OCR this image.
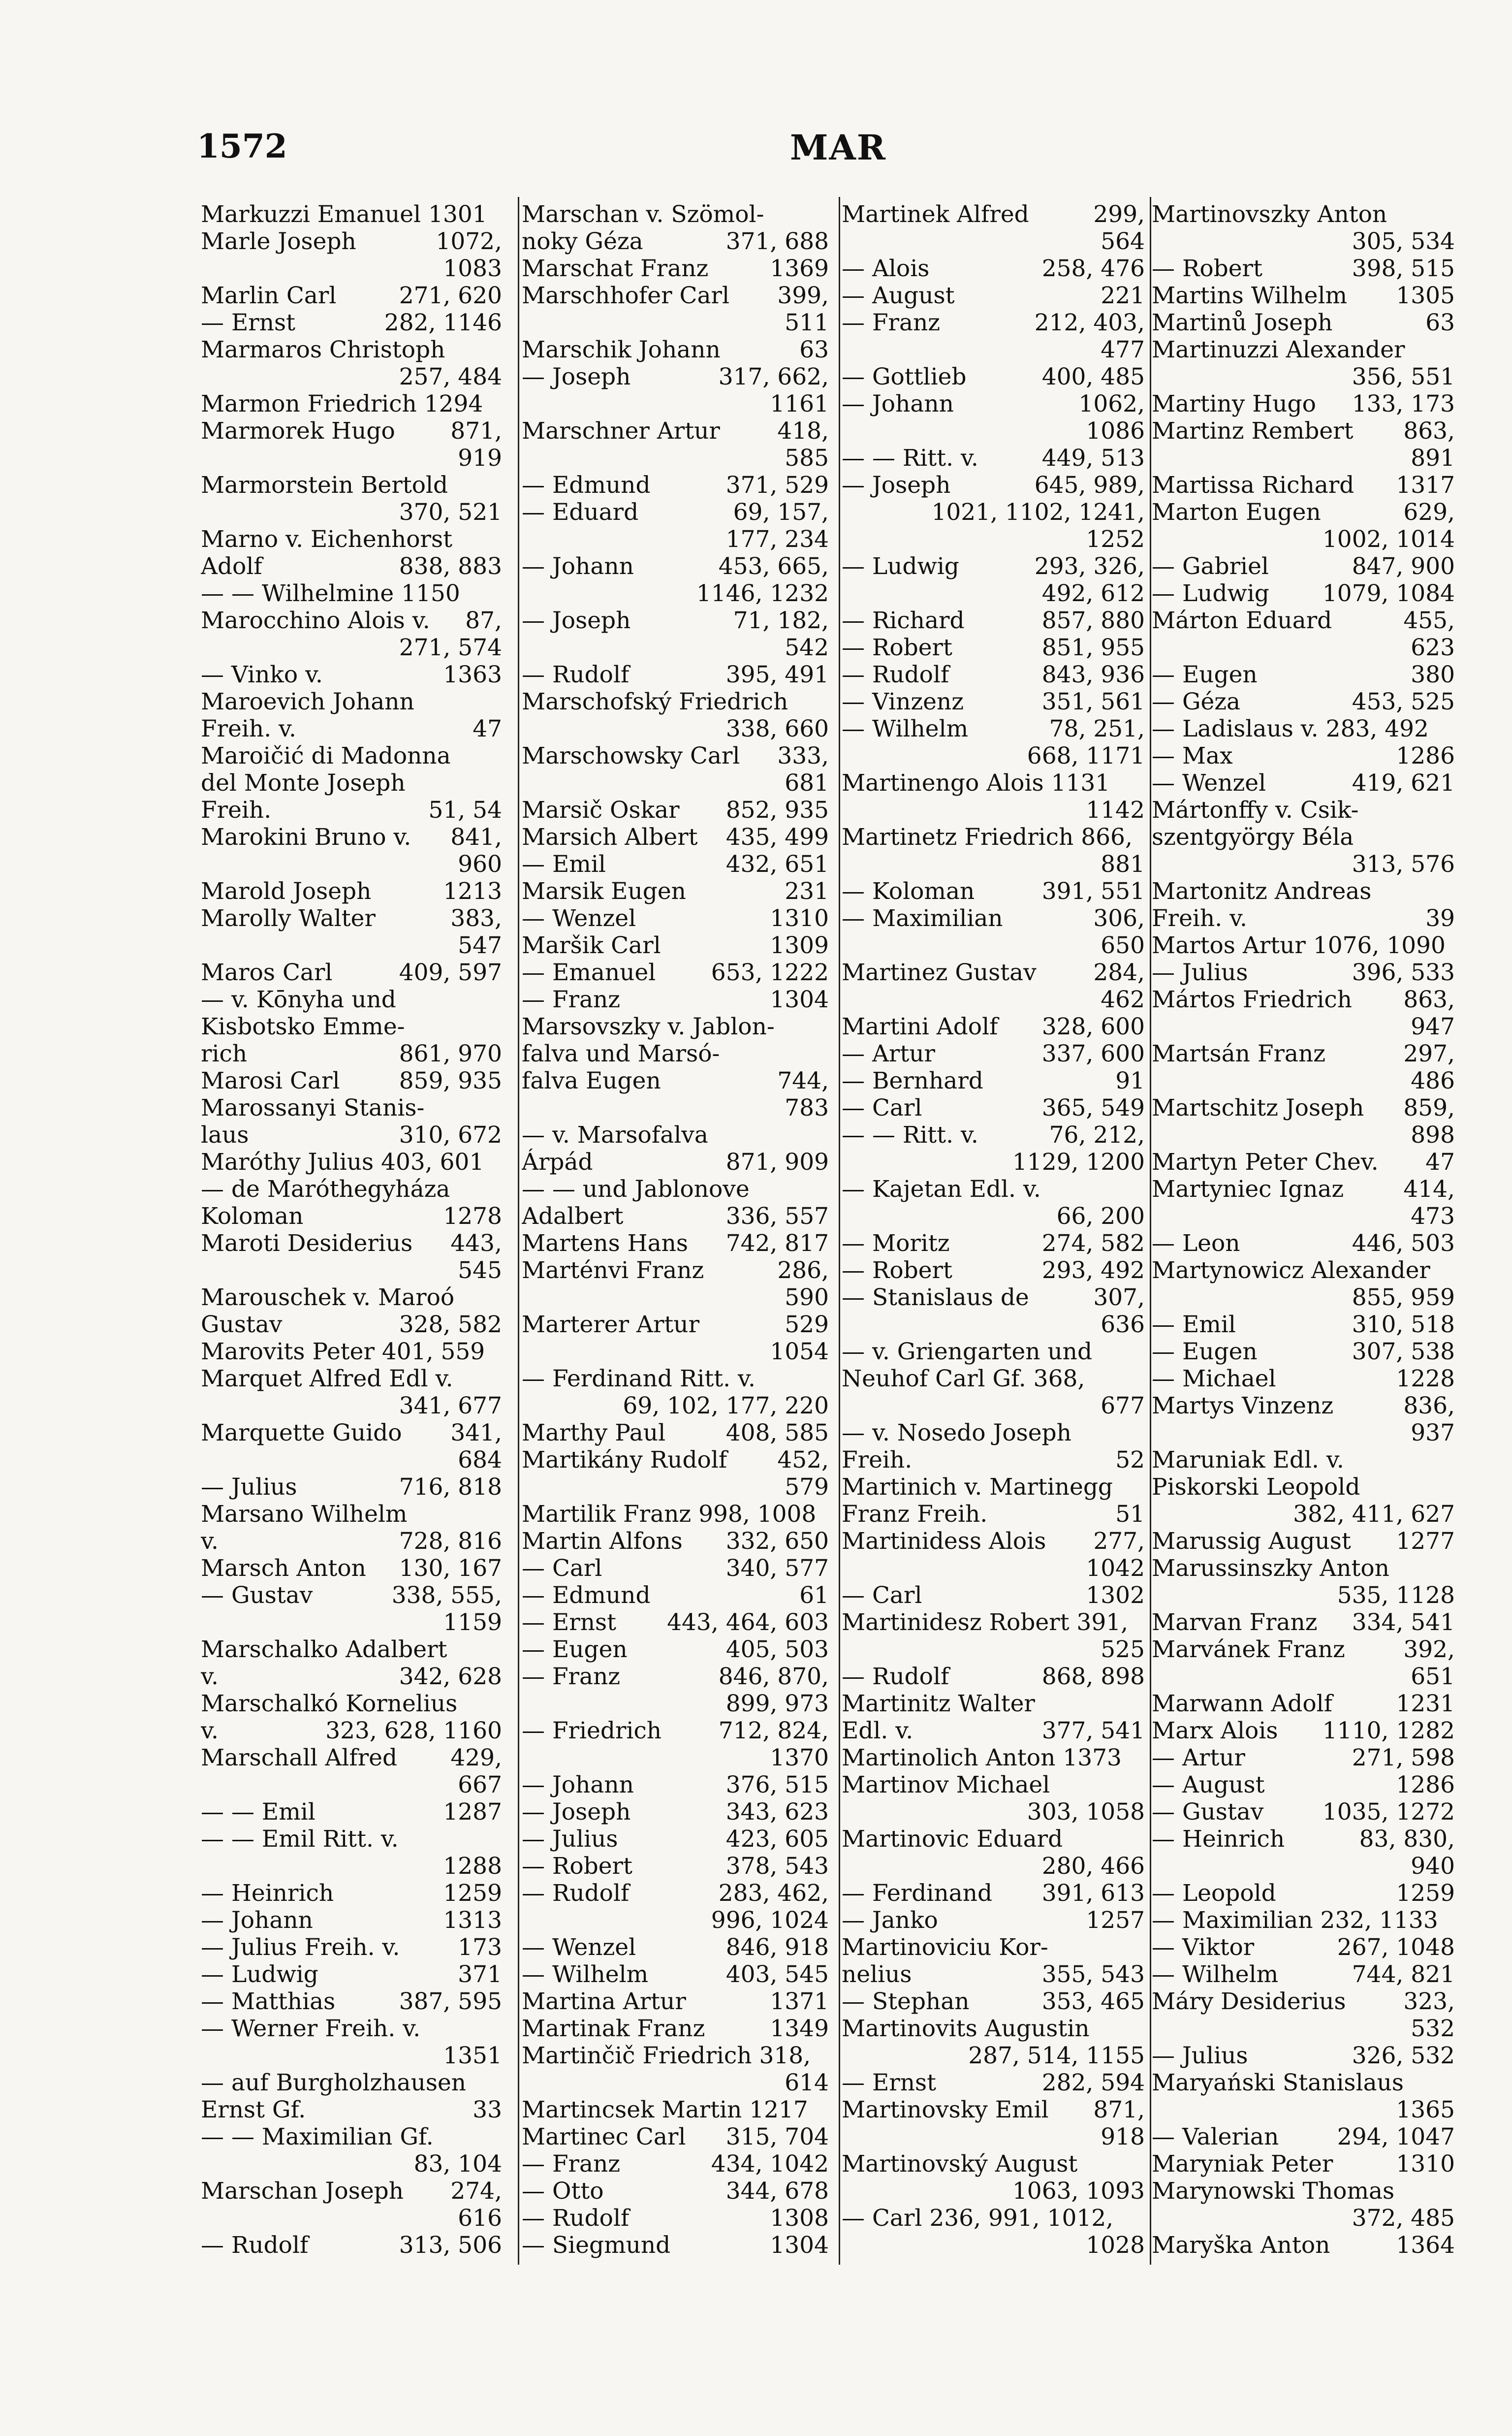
1572	MAR
Markuzzi Emanuel 1301
Marle Joseph	1072,
1083
Marlin Carl	271, 620
— Ernst	282, 1146
Marmaros Christoph
257, 484
Marmon Friedrich 1294
Marmorek Hugo 871,
919
Marmorstein Bertold
370, 521
Marno v. Eichenhorst
Adolf	838, 883
— — Wilhelmine 1150
Marocchino Alois v. 87,
271, 574
— Vinko v.	1363
Maroevich Johann
Freih. v.	47
Maroičić di Madonna
del Monte Joseph
Freih.	51, 54
Marokini Bruno v. 841,
960
Marold Joseph	1213
Marolly Walter	383,
547
Maros Carl	409, 597
— v. Kōnyha und
Kisbotsko Emme-
rich	861, 970
Marosi Carl	859, 935
Marossanyi Stanis-
laus	310, 672
Maróthy Julius 403, 601
— de Maróthegyháza
Koloman	1278
Maroti Desiderius 443,
545
Marouschek v. Maroó
Gustav	328, 582
Marovits Peter 401, 559
Marquet Alfred Edl v.
341, 677
Marquette Guido 341,
684
— Julius	716, 818
Marsano Wilhelm
v.	728, 816
Marsch Anton 130, 167
— Gustav	338, 555,
1159
Marschalko Adalbert
v.	342, 628
Marschalkó Kornelius
v.	323, 628, 1160
Marschall Alfred 429,
667
— — Emil	1287
— — Emil Ritt. v.
1288
— Heinrich	1259
— Johann	1313
— Julius Freih. v.	173
— Ludwig	371
— Matthias	387, 595
— Werner Freih. v.
1351
— auf Burgholzhausen
Ernst Gf.	33
— — Maximilian Gf.
83, 104
Marschan Joseph 274,
616
— Rudolf	313, 506
Marschan v. Szömol-
noky Géza	371, 688
Marschat Franz	1369
Marschhofer Carl 399,
511
Marschik Johann	63
— Joseph	317, 662,
1161
Marschner Artur 418,
585
— Edmund	371, 529
— Eduard	69, 157,
177, 234
— Johann	453, 665,
1146, 1232
— Joseph	71, 182,
542
— Rudolf	395, 491
Marschofský Friedrich
338, 660
Marschowsky Carl 333,
681
Marsič Oskar 852, 935
Marsich Albert 435, 499
— Emil	432, 651
Marsik Eugen	231
— Wenzel	1310
Maršik Carl	1309
— Emanuel 653, 1222
— Franz	1304
Marsovszky v. Jablon-
falva und Marsó-
falva Eugen	744,
783
— v. Marsofalva
Árpád	871, 909
— — und Jablonove
Adalbert	336, 557
Martens Hans 742, 817
Marténvi Franz	286,
590
Marterer Artur	529
1054
— Ferdinand Ritt. v.
69, 102, 177, 220
Marthy Paul	408, 585
Martikány Rudolf 452,
579
Martilik Franz 998, 1008
Martin Alfons 332, 650
— Carl	340, 577
— Edmund	61
— Ernst 443, 464, 603
— Eugen	405, 503
— Franz	846, 870,
899, 973
— Friedrich 712, 824,
1370
— Johann	376, 515
— Joseph	343, 623
— Julius	423, 605
— Robert	378, 543
— Rudolf	283, 462,
996, 1024
— Wenzel	846, 918
— Wilhelm	403, 545
Martina Artur	1371
Martinak Franz	1349
Martinčič Friedrich 318,
614
Martincsek Martin 1217
Martinec Carl 315, 704
— Franz	434, 1042
— Otto	344, 678
— Rudolf	1308
— Siegmund	1304
Martinek Alfred	299,
564
— Alois	258, 476
— August	221
— Franz	212, 403,
477
— Gottlieb	400, 485
— Johann	1062,
1086
— — Ritt. v.	449, 513
— Joseph	645, 989,
1021, 1102, 1241,
1252
— Ludwig	293, 326,
492, 612
— Richard	857, 880
— Robert	851, 955
— Rudolf	843, 936
— Vinzenz	351, 561
— Wilhelm	78, 251,
668, 1171
Martinengo Alois 1131
1142
Martinetz Friedrich 866,
881
— Koloman	391, 551
— Maximilian	306,
650
Martinez Gustav 284,
462
Martini Adolf 328, 600
— Artur	337, 600
— Bernhard	91
— Carl	365, 549
— — Ritt. v.	76, 212,
1129, 1200
— Kajetan Edl. v.
66, 200
— Moritz	274, 582
— Robert	293, 492
— Stanislaus de	307,
636
— v. Griengarten und
Neuhof Carl Gf. 368,
677
— v. Nosedo Joseph
Freih.	52
Martinich v. Martinegg
Franz Freih.	51
Martinidess Alois 277,
1042
— Carl	1302
Martinidesz Robert 391,
525
— Rudolf	868, 898
Martinitz Walter
Edl. v.	377, 541
Martinolich Anton 1373
Martinov Michael
303, 1058
Martinovic Eduard
280, 466
— Ferdinand 391, 613
— Janko	1257
Martinoviciu Kor-
nelius	355, 543
— Stephan	353, 465
Martinovits Augustin
287, 514, 1155
— Ernst	282, 594
Martinovsky Emil 871,
918
Martinovský August
1063, 1093
— Carl 236, 991, 1012,
1028
Martinovszky Anton
305, 534
— Robert	398, 515
Martins Wilhelm 1305
Martinů Joseph	63
Martinuzzi Alexander
356, 551
Martiny Hugo 133, 173
Martinz Rembert 863,
891
Martissa Richard 1317
Marton Eugen	629,
1002, 1014
— Gabriel	847, 900
— Ludwig 1079, 1084
Márton Eduard	455,
623
— Eugen	380
— Géza	453, 525
— Ladislaus v. 283, 492
— Max	1286
— Wenzel	419, 621
Mártonffy v. Csik-
szentgyörgy Béla
313, 576
Martonitz Andreas
Freih. v.	39
Martos Artur 1076, 1090
— Julius	396, 533
Mártos Friedrich 863,
947
Martsán Franz	297,
486
Martschitz Joseph 859,
898
Martyn Peter Chev. 47
Martyniec Ignaz	414,
473
— Leon	446, 503
Martynowicz Alexander
855, 959
— Emil	310, 518
— Eugen	307, 538
— Michael	1228
Martys Vinzenz	836,
937
Maruniak Edl. v.
Piskorski Leopold
382, 411, 627
Marussig August 1277
Marussinszky Anton
535, 1128
Marvan Franz 334, 541
Marvánek Franz	392,
651
Marwann Adolf	1231
Marx Alois 1110, 1282
— Artur	271, 598
— August	1286
— Gustav	1035, 1272
— Heinrich	83, 830,
940
— Leopold	1259
— Maximilian 232, 1133
— Viktor	267, 1048
— Wilhelm	744, 821
Máry Desiderius 323,
532
— Julius	326, 532
Maryański Stanislaus
1365
— Valerian	294, 1047
Maryniak Peter	1310
Marynowski Thomas
372, 485
Maryška Anton	1364
